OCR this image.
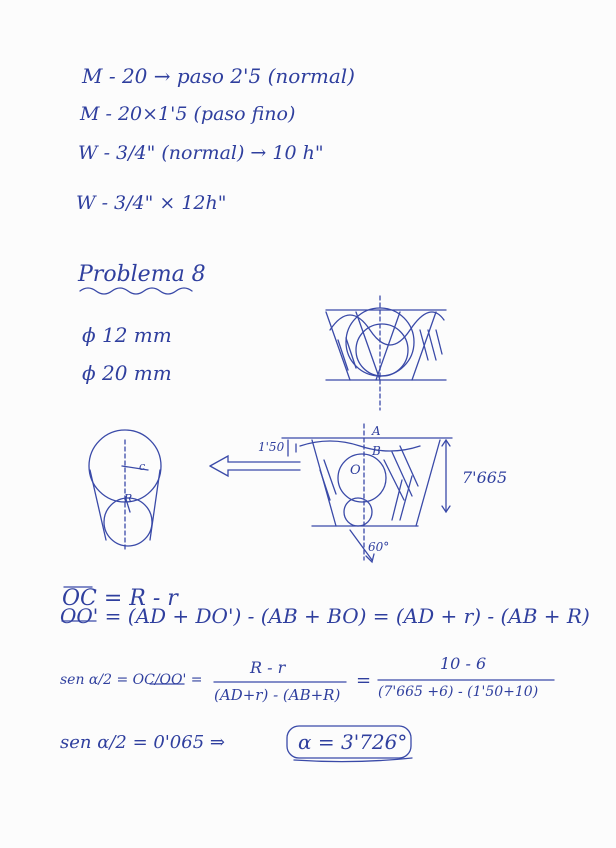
M - 20 → paso 2'5 (normal)
M - 20×1'5 (paso fino)
W - 3/4" (normal) → 10 h"
W - 3/4" × 12h"
Problema 8
ϕ 12 mm
ϕ 20 mm
A
B
1'50
7'665
O
60°
c
R
OC = R - r
OO' = (AD + DO') - (AB + BO) = (AD + r) - (AB + R)
sen α/2 = OC/OO' =
R - r
(AD+r) - (AB+R)
=
10 - 6
(7'665 +6) - (1'50+10)
sen α/2 = 0'065 ⇒	α = 3'726°
